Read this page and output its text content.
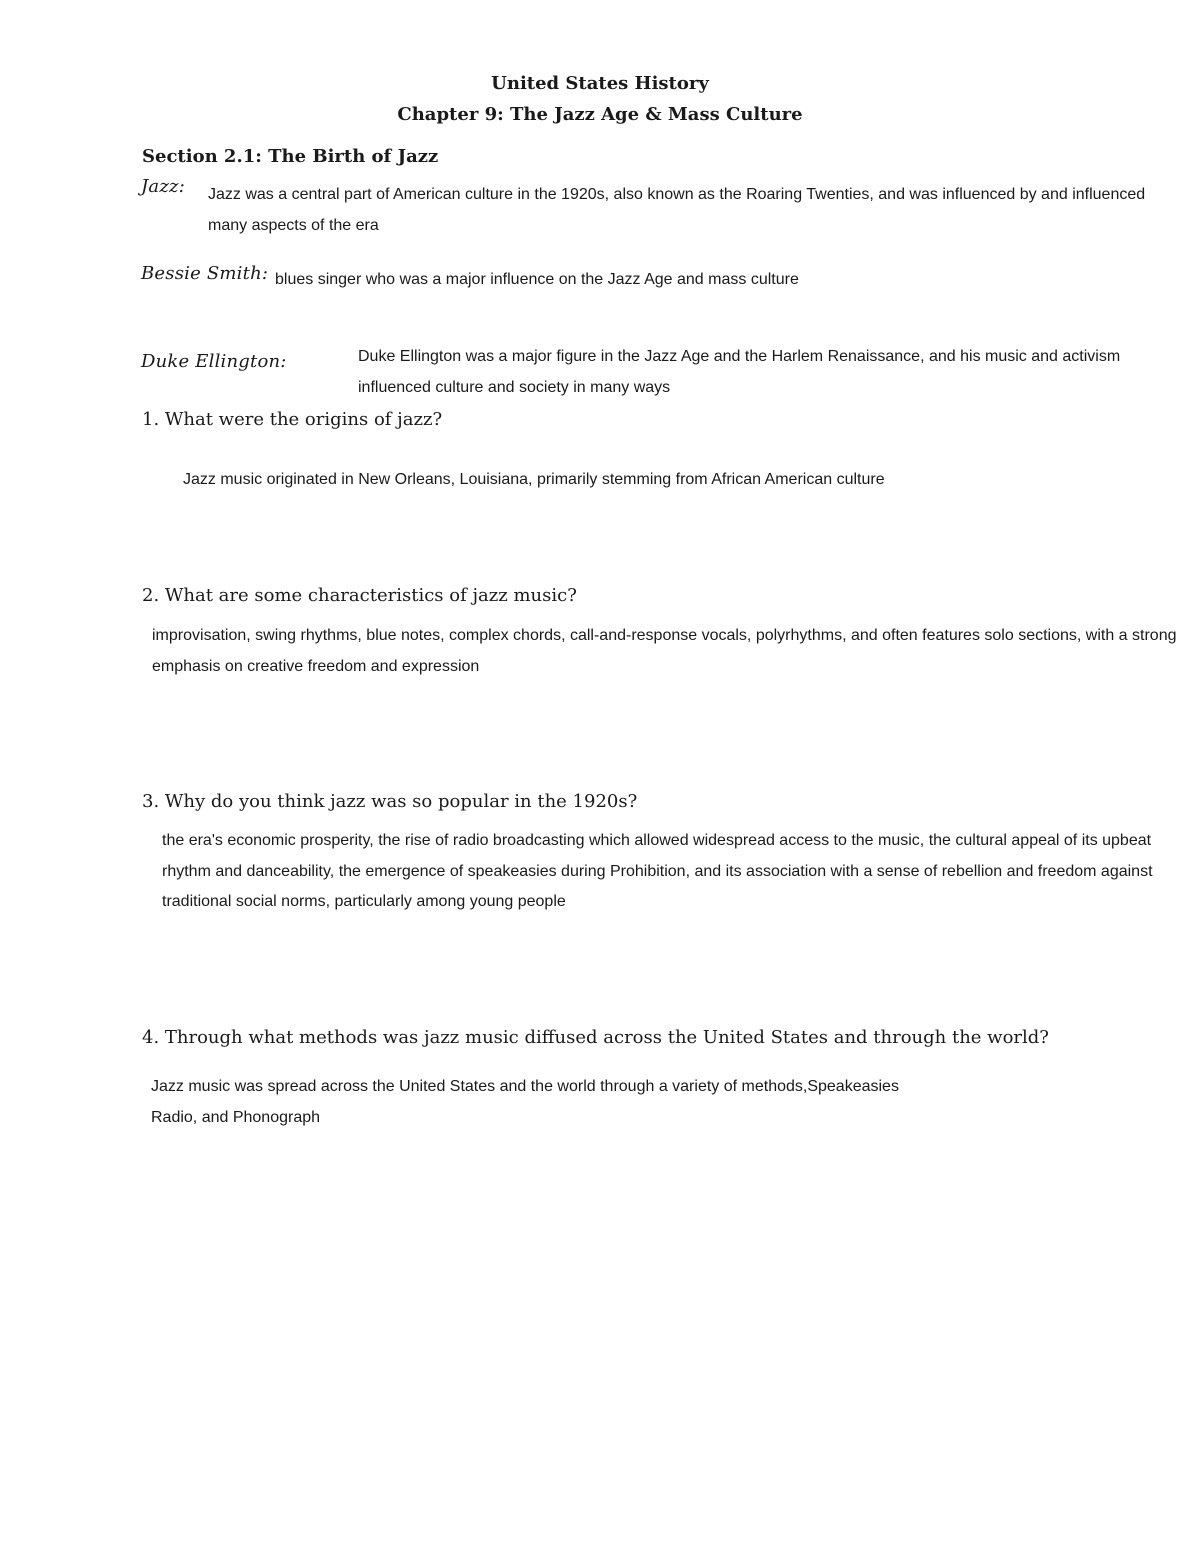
United States History
Chapter 9: The Jazz Age & Mass Culture
Section 2.1: The Birth of Jazz
Jazz: Jazz was a central part of American culture in the 1920s, also known as the Roaring Twenties, and was influenced by and influenced many aspects of the era
Bessie Smith: blues singer who was a major influence on the Jazz Age and mass culture
Duke Ellington:	Duke Ellington was a major figure in the Jazz Age and the Harlem Renaissance, and his music and activism influenced culture and society in many ways
1. What were the origins of jazz?
Jazz music originated in New Orleans, Louisiana, primarily stemming from African American culture
2. What are some characteristics of jazz music?
improvisation, swing rhythms, blue notes, complex chords, call-and-response vocals, polyrhythms, and often features solo sections, with a strong emphasis on creative freedom and expression
3. Why do you think jazz was so popular in the 1920s?
the era's economic prosperity, the rise of radio broadcasting which allowed widespread access to the music, the cultural appeal of its upbeat rhythm and danceability, the emergence of speakeasies during Prohibition, and its association with a sense of rebellion and freedom against traditional social norms, particularly among young people
4. Through what methods was jazz music diffused across the United States and through the world?
Jazz music was spread across the United States and the world through a variety of methods,Speakeasies
Radio, and Phonograph
